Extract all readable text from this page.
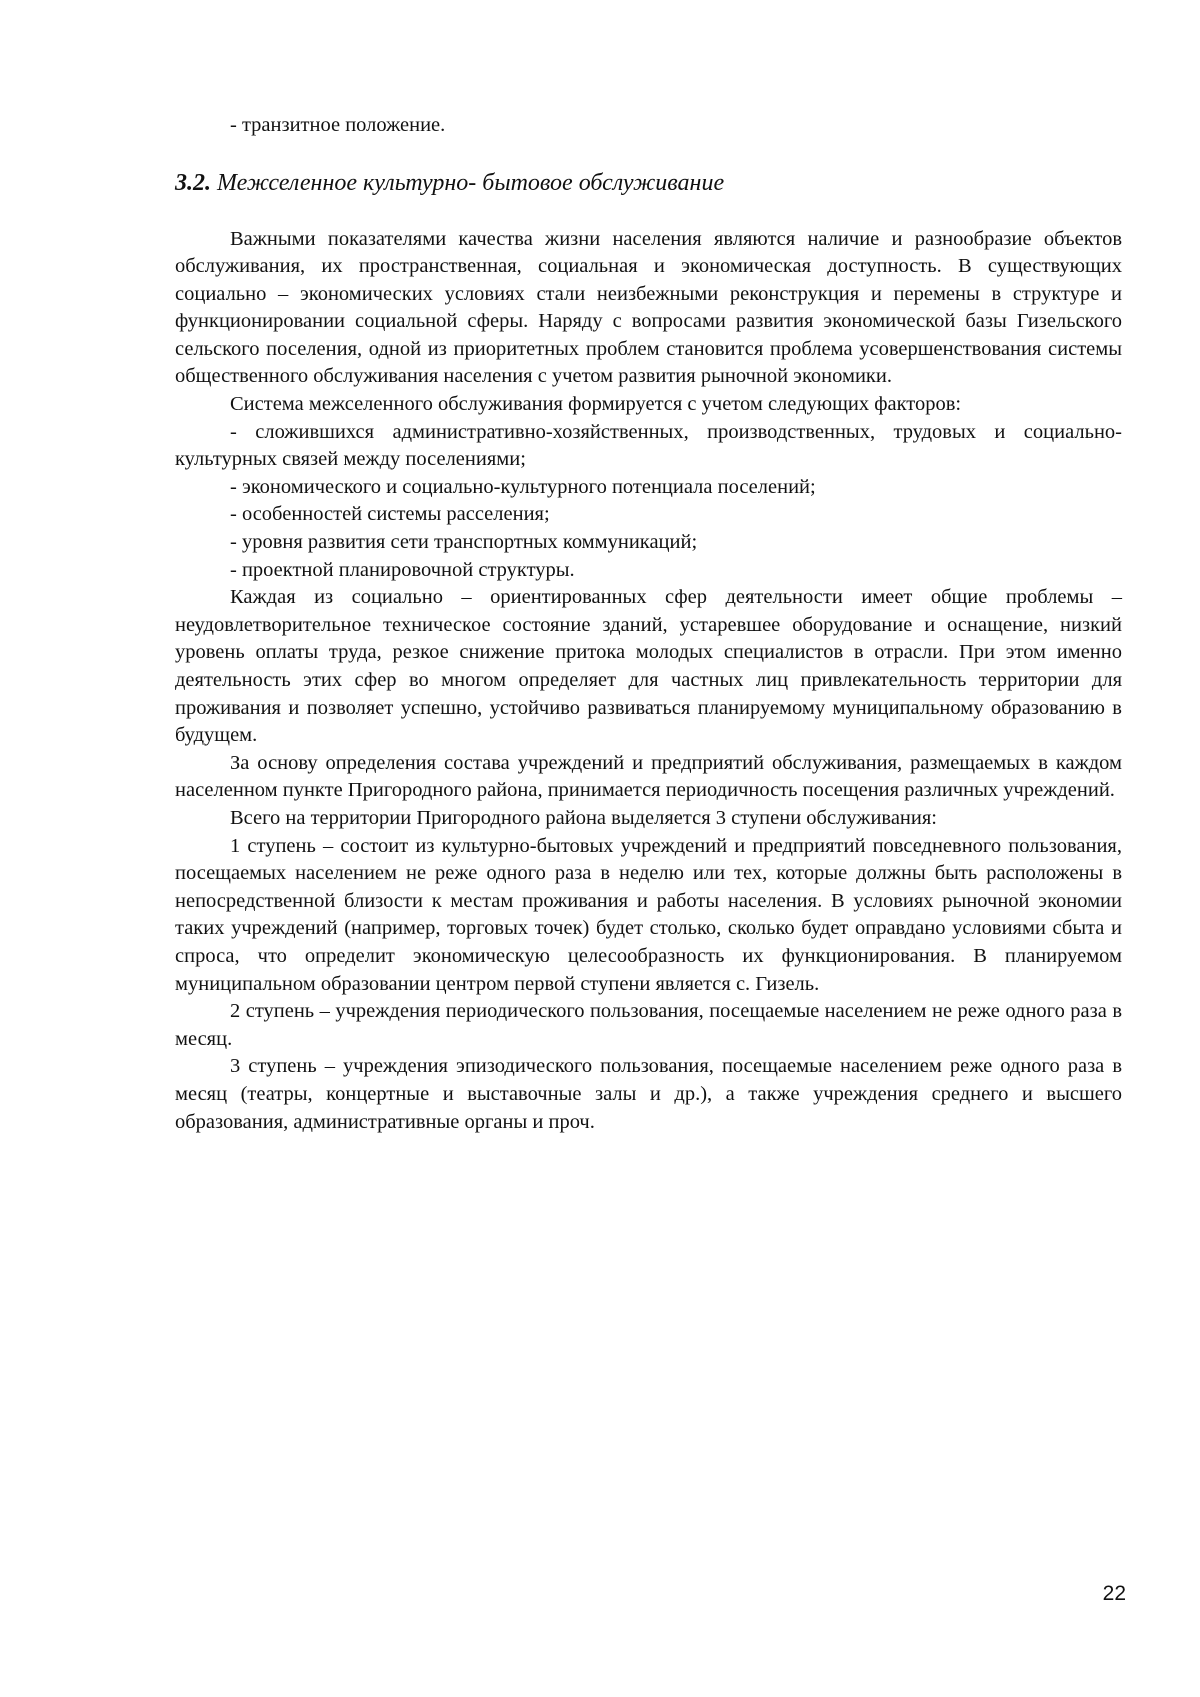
- транзитное положение.

3.2. Межселенное культурно- бытовое обслуживание

Важными показателями качества жизни населения являются наличие и разнообразие объектов обслуживания, их пространственная, социальная и экономическая доступность. В существующих социально – экономических условиях стали неизбежными реконструкция и перемены в структуре и функционировании социальной сферы. Наряду с вопросами развития экономической базы Гизельского сельского поселения, одной из приоритетных проблем становится проблема усовершенствования системы общественного обслуживания населения с учетом развития рыночной экономики.

Система межселенного обслуживания формируется с учетом следующих факторов:

- сложившихся административно-хозяйственных, производственных, трудовых и социально-культурных связей между поселениями;

- экономического и социально-культурного потенциала поселений;

- особенностей системы расселения;

- уровня развития сети транспортных коммуникаций;

- проектной планировочной структуры.

Каждая из социально – ориентированных сфер деятельности имеет общие проблемы – неудовлетворительное техническое состояние зданий, устаревшее оборудование и оснащение, низкий уровень оплаты труда, резкое снижение притока молодых специалистов в отрасли. При этом именно деятельность этих сфер во многом определяет для частных лиц привлекательность территории для проживания и позволяет успешно, устойчиво развиваться планируемому муниципальному образованию в будущем.

За основу определения состава учреждений и предприятий обслуживания, размещаемых в каждом населенном пункте Пригородного района, принимается периодичность посещения различных учреждений.

Всего на территории Пригородного района выделяется 3 ступени обслуживания:

1 ступень – состоит из культурно-бытовых учреждений и предприятий повседневного пользования, посещаемых населением не реже одного раза в неделю или тех, которые должны быть расположены в непосредственной близости к местам проживания и работы населения. В условиях рыночной экономии таких учреждений (например, торговых точек) будет столько, сколько будет оправдано условиями сбыта и спроса, что определит экономическую целесообразность их функционирования. В планируемом муниципальном образовании центром первой ступени является с. Гизель.

2 ступень – учреждения периодического пользования, посещаемые населением не реже одного раза в месяц.

3 ступень – учреждения эпизодического пользования, посещаемые населением реже одного раза в месяц (театры, концертные и выставочные залы и др.), а также учреждения среднего и высшего образования, административные органы и проч.

22
